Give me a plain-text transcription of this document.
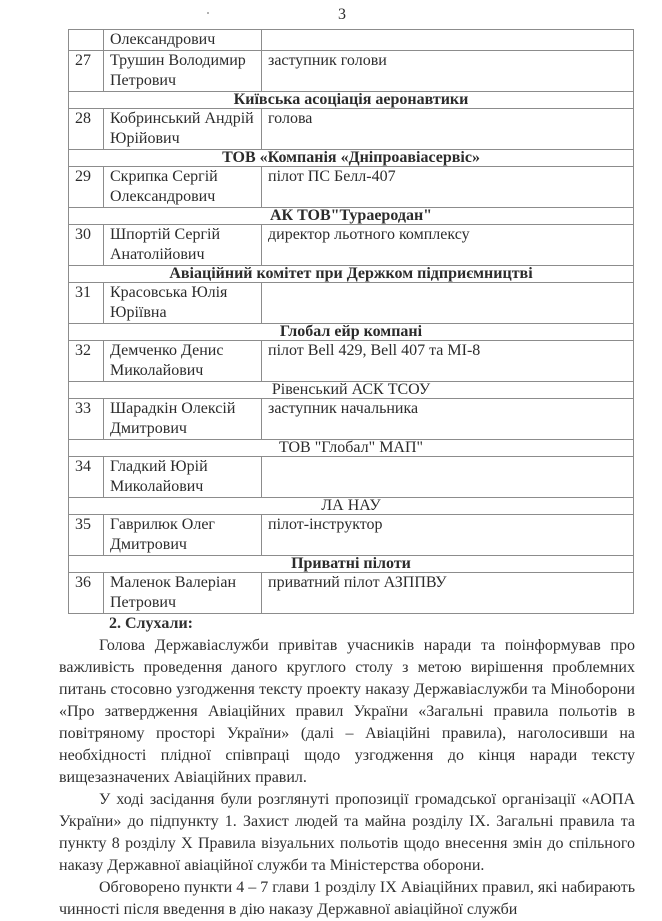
3
	Олександрович	
27	Трушин Володимир Петрович	заступник голови
Київська асоціація аеронавтики		
28	Кобринський Андрій Юрійович	голова
ТОВ «Компанія «Дніпроавіасервіс»		
29	Скрипка Сергій Олександрович	пілот ПС Белл-407
АК ТОВ"Тураеродан"		
30	Шпортій Сергій Анатолійович	директор льотного комплексу
Авіаційний комітет при Держком підприємництві		
31	Красовська Юлія Юріївна	
Глобал ейр компані		
32	Демченко Денис Миколайович	пілот Bell 429, Bell 407 та МІ-8
Рівенський АСК ТСОУ		
33	Шарадкін Олексій Дмитрович	заступник начальника
ТОВ "Глобал" МАП"		
34	Гладкий Юрій Миколайович	
ЛА НАУ		
35	Гаврилюк Олег Дмитрович	пілот-інструктор
Приватні пілоти		
36	Маленок Валеріан Петрович	приватний пілот АЗППВУ
2. Слухали:

Голова Державіаслужби привітав учасників наради та поінформував про важливість проведення даного круглого столу з метою вирішення проблемних питань стосовно узгодження тексту проекту наказу Державіаслужби та Міноборони «Про затвердження Авіаційних правил України «Загальні правила польотів в повітряному просторі України» (далі – Авіаційні правила), наголосивши на необхідності плідної співпраці щодо узгодження до кінця наради тексту вищезазначених Авіаційних правил.

У ході засідання були розглянуті пропозиції громадської організації «АОПА України» до підпункту 1. Захист людей та майна розділу IX. Загальні правила та пункту 8 розділу X Правила візуальних польотів щодо внесення змін до спільного наказу Державної авіаційної служби та Міністерства оборони.

Обговорено пункти 4 – 7 глави 1 розділу IX Авіаційних правил, які набирають чинності після введення в дію наказу Державної авіаційної служби
